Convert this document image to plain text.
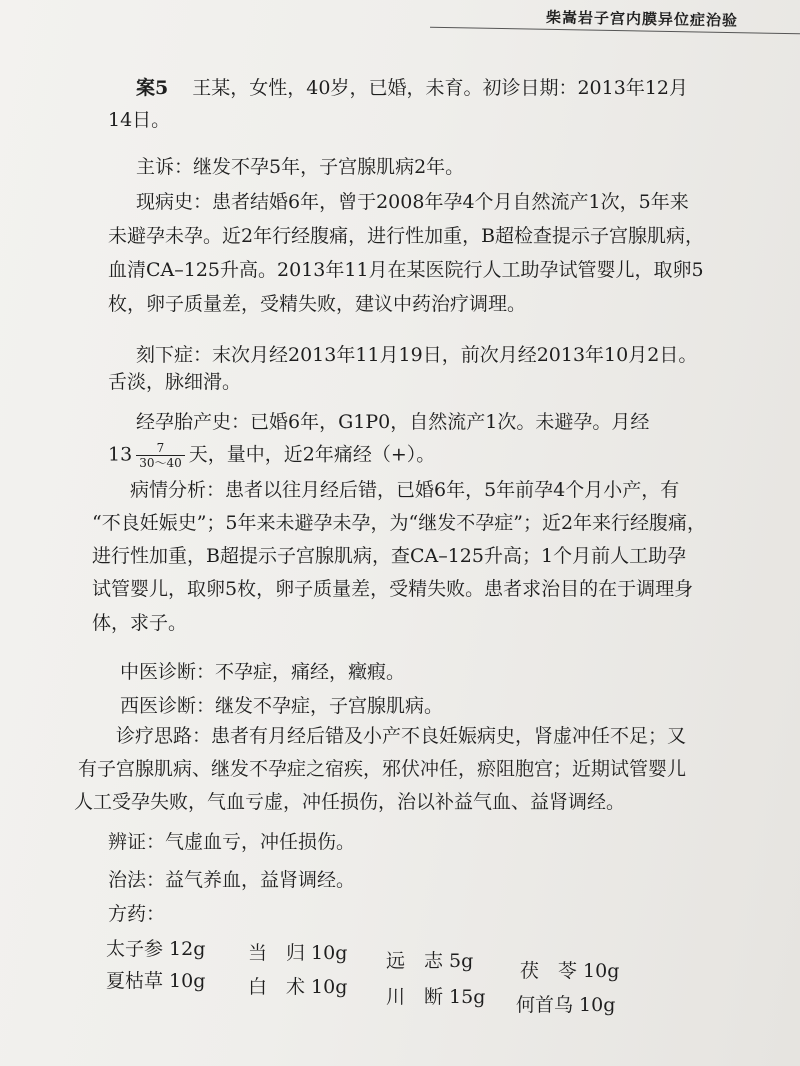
柴嵩岩子宫内膜异位症治验
案5 王某，女性，40岁，已婚，未育。初诊日期：2013年12月
14日。
主诉：继发不孕5年，子宫腺肌病2年。
现病史：患者结婚6年，曾于2008年孕4个月自然流产1次，5年来
未避孕未孕。近2年行经腹痛，进行性加重，B超检查提示子宫腺肌病，
血清CA–125升高。2013年11月在某医院行人工助孕试管婴儿，取卵5
枚，卵子质量差，受精失败，建议中药治疗调理。
刻下症：末次月经2013年11月19日，前次月经2013年10月2日。
舌淡，脉细滑。
经孕胎产史：已婚6年，G1P0，自然流产1次。未避孕。月经
$13 \frac{7}{30\sim 40}$ 天，量中，近2年痛经（+）。
病情分析：患者以往月经后错，已婚6年，5年前孕4个月小产，有
“不良妊娠史”；5年来未避孕未孕，为“继发不孕症”；近2年来行经腹痛，
进行性加重，B超提示子宫腺肌病，查CA–125升高；1个月前人工助孕
试管婴儿，取卵5枚，卵子质量差，受精失败。患者求治目的在于调理身
体，求子。
中医诊断：不孕症，痛经，癥瘕。
西医诊断：继发不孕症，子宫腺肌病。
诊疗思路：患者有月经后错及小产不良妊娠病史，肾虚冲任不足；又
有子宫腺肌病、继发不孕症之宿疾，邪伏冲任，瘀阻胞宫；近期试管婴儿
人工受孕失败，气血亏虚，冲任损伤，治以补益气血、益肾调经。
辨证：气虚血亏，冲任损伤。
治法：益气养血，益肾调经。
方药：
太子参 12g 当　归 10g 远　志 5g 茯　苓 10g
夏枯草 10g 白　术 10g 川　断 15g 何首乌 10g
